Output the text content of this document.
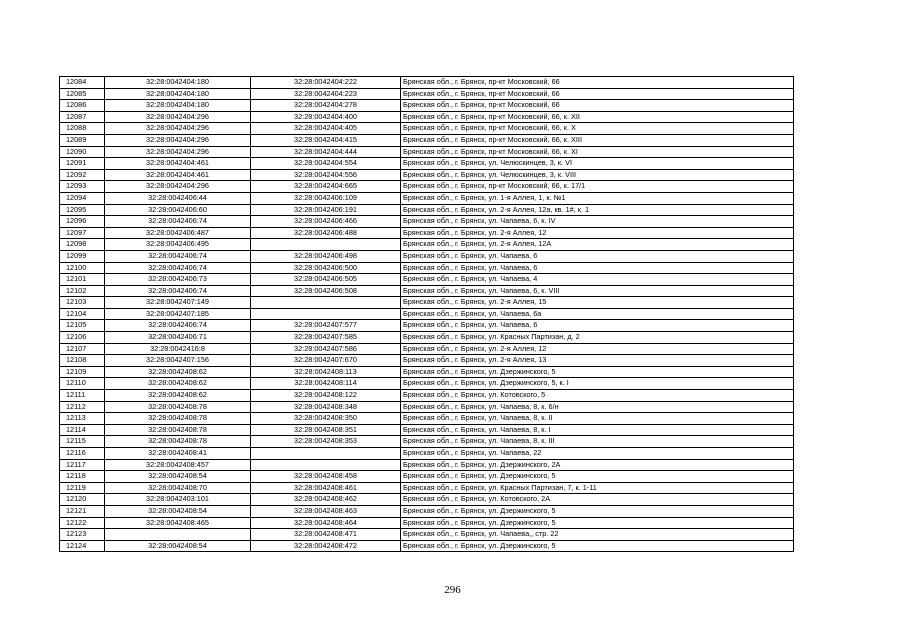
12084	32:28:0042404:180	32:28:0042404:222	Брянская обл., г. Брянск, пр-кт Московский, 66
12085	32:28:0042404:180	32:28:0042404:223	Брянская обл., г. Брянск, пр-кт Московский, 66
12086	32:28:0042404:180	32:28:0042404:278	Брянская обл., г. Брянск, пр-кт Московский, 66
12087	32:28:0042404:296	32:28:0042404:400	Брянская обл., г. Брянск, пр-кт Московский, 66, к. XII
12088	32:28:0042404:296	32:28:0042404:405	Брянская обл., г. Брянск, пр-кт Московский, 66, к. X
12089	32:28:0042404:296	32:28:0042404:415	Брянская обл., г. Брянск, пр-кт Московский, 66, к. XIII
12090	32:28:0042404:296	32:28:0042404:444	Брянская обл., г. Брянск, пр-кт Московский, 66, к. XI
12091	32:28:0042404:461	32:28:0042404:554	Брянская обл., г. Брянск, ул. Челюскинцев, 3, к. VI
12092	32:28:0042404:461	32:28:0042404:556	Брянская обл., г. Брянск, ул. Челюскинцев, 3, к. VIII
12093	32:28:0042404:296	32:28:0042404:665	Брянская обл., г. Брянск, пр-кт Московский, 66, к. 17/1
12094	32:28:0042406:44	32:28:0042406:109	Брянская обл., г. Брянск, ул. 1-я Аллея, 1, к. №1
12095	32:28:0042406:60	32:28:0042406:191	Брянская обл., г. Брянск, ул. 2-я Аллея, 12а, кв. 1#, к. 1
12096	32:28:0042406:74	32:28:0042406:466	Брянская обл., г. Брянск, ул. Чапаева, 6, к. IV
12097	32:28:0042406:487	32:28:0042406:488	Брянская обл., г. Брянск, ул. 2-я Аллея, 12
12098	32:28:0042406:495		Брянская обл., г. Брянск, ул. 2-я Аллея, 12А
12099	32:28:0042406:74	32:28:0042406:498	Брянская обл., г. Брянск, ул. Чапаева, 6
12100	32:28:0042406:74	32:28:0042406:500	Брянская обл., г. Брянск, ул. Чапаева, 6
12101	32:28:0042406:73	32:28:0042406:505	Брянская обл., г. Брянск, ул. Чапаева, 4
12102	32:28:0042406:74	32:28:0042406:508	Брянская обл., г. Брянск, ул. Чапаева, 6, к. VIII
12103	32:28:0042407:149		Брянская обл., г. Брянск, ул. 2-я Аллея, 15
12104	32:28:0042407:185		Брянская обл., г. Брянск, ул. Чапаева, 6а
12105	32:28:0042406:74	32:28:0042407:577	Брянская обл., г. Брянск, ул. Чапаева, 6
12106	32:28:0042406:71	32:28:0042407:585	Брянская обл., г. Брянск, ул. Красных Партизан, д. 2
12107	32:28:0042416:8	32:28:0042407:586	Брянская обл., г. Брянск, ул. 2-я Аллея, 12
12108	32:28:0042407:156	32:28:0042407:670	Брянская обл., г. Брянск, ул. 2-я Аллея, 13
12109	32:28:0042408:62	32:28:0042408:113	Брянская обл., г. Брянск, ул. Дзержинского, 5
12110	32:28:0042408:62	32:28:0042408:114	Брянская обл., г. Брянск, ул. Дзержинского, 5, к. I
12111	32:28:0042408:62	32:28:0042408:122	Брянская обл., г. Брянск, ул. Котовского, 5
12112	32:28:0042408:78	32:28:0042408:348	Брянская обл., г. Брянск, ул. Чапаева, 8, к. 6/н
12113	32:28:0042408:78	32:28:0042408:350	Брянская обл., г. Брянск, ул. Чапаева, 8, к. II
12114	32:28:0042408:78	32:28:0042408:351	Брянская обл., г. Брянск, ул. Чапаева, 8, к. I
12115	32:28:0042408:78	32:28:0042408:353	Брянская обл., г. Брянск, ул. Чапаева, 8, к. III
12116	32:28:0042408:41		Брянская обл., г. Брянск, ул. Чапаева, 22
12117	32:28:0042408:457		Брянская обл., г. Брянск, ул. Дзержинского, 2А
12118	32:28:0042408:54	32:28:0042408:458	Брянская обл., г. Брянск, ул. Дзержинского, 5
12119	32:28:0042408:70	32:28:0042408:461	Брянская обл., г. Брянск, ул. Красных Партизан, 7, к. 1-11
12120	32:28:0042403:101	32:28:0042408:462	Брянская обл., г. Брянск, ул. Котовского, 2А
12121	32:28:0042408:54	32:28:0042408:463	Брянская обл., г. Брянск, ул. Дзержинского, 5
12122	32:28:0042408:465	32:28:0042408:464	Брянская обл., г. Брянск, ул. Дзержинского, 5
12123		32:28:0042408:471	Брянская обл., г. Брянск, ул. Чапаева,, стр. 22
12124	32:28:0042408:54	32:28:0042408:472	Брянская обл., г. Брянск, ул. Дзержинского, 5
296
